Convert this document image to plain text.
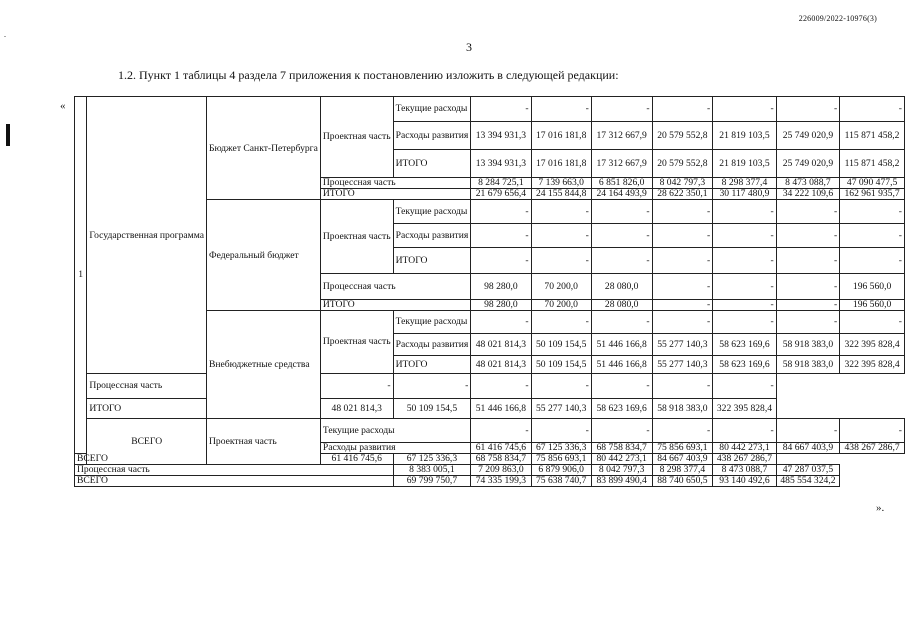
226009/2022-10976(3)
.
3
1.2. Пункт 1 таблицы 4 раздела 7 приложения к постановлению изложить в следующей редакции:
«
».
1	Государственная программа	Бюджет Санкт-Петербурга	Проектная часть	Текущие расходы	-	-	-	-	-	-	-
				Расходы развития	13 394 931,3	17 016 181,8	17 312 667,9	20 579 552,8	21 819 103,5	25 749 020,9	115 871 458,2
				ИТОГО	13 394 931,3	17 016 181,8	17 312 667,9	20 579 552,8	21 819 103,5	25 749 020,9	115 871 458,2
			Процессная часть		8 284 725,1	7 139 663,0	6 851 826,0	8 042 797,3	8 298 377,4	8 473 088,7	47 090 477,5
			ИТОГО		21 679 656,4	24 155 844,8	24 164 493,9	28 622 350,1	30 117 480,9	34 222 109,6	162 961 935,7
		Федеральный бюджет	Проектная часть	Текущие расходы	-	-	-	-	-	-	-
				Расходы развития	-	-	-	-	-	-	-
				ИТОГО	-	-	-	-	-	-	-
			Процессная часть		98 280,0	70 200,0	28 080,0	-	-	-	196 560,0
			ИТОГО		98 280,0	70 200,0	28 080,0	-	-	-	196 560,0
		Внебюджетные средства	Проектная часть	Текущие расходы	-	-	-	-	-	-	-
				Расходы развития	48 021 814,3	50 109 154,5	51 446 166,8	55 277 140,3	58 623 169,6	58 918 383,0	322 395 828,4
				ИТОГО	48 021 814,3	50 109 154,5	51 446 166,8	55 277 140,3	58 623 169,6	58 918 383,0	322 395 828,4
	Процессная часть		-	-	-	-	-	-	-		
	ИТОГО		48 021 814,3	50 109 154,5	51 446 166,8	55 277 140,3	58 623 169,6	58 918 383,0	322 395 828,4		
	ВСЕГО	Проектная часть	Текущие расходы		-	-	-	-	-	-	-
			Расходы развития		61 416 745,6	67 125 336,3	68 758 834,7	75 856 693,1	80 442 273,1	84 667 403,9	438 267 286,7
ВСЕГО			61 416 745,6	67 125 336,3	68 758 834,7	75 856 693,1	80 442 273,1	84 667 403,9	438 267 286,7		
Процессная часть				8 383 005,1	7 209 863,0	6 879 906,0	8 042 797,3	8 298 377,4	8 473 088,7	47 287 037,5	
ВСЕГО				69 799 750,7	74 335 199,3	75 638 740,7	83 899 490,4	88 740 650,5	93 140 492,6	485 554 324,2	
